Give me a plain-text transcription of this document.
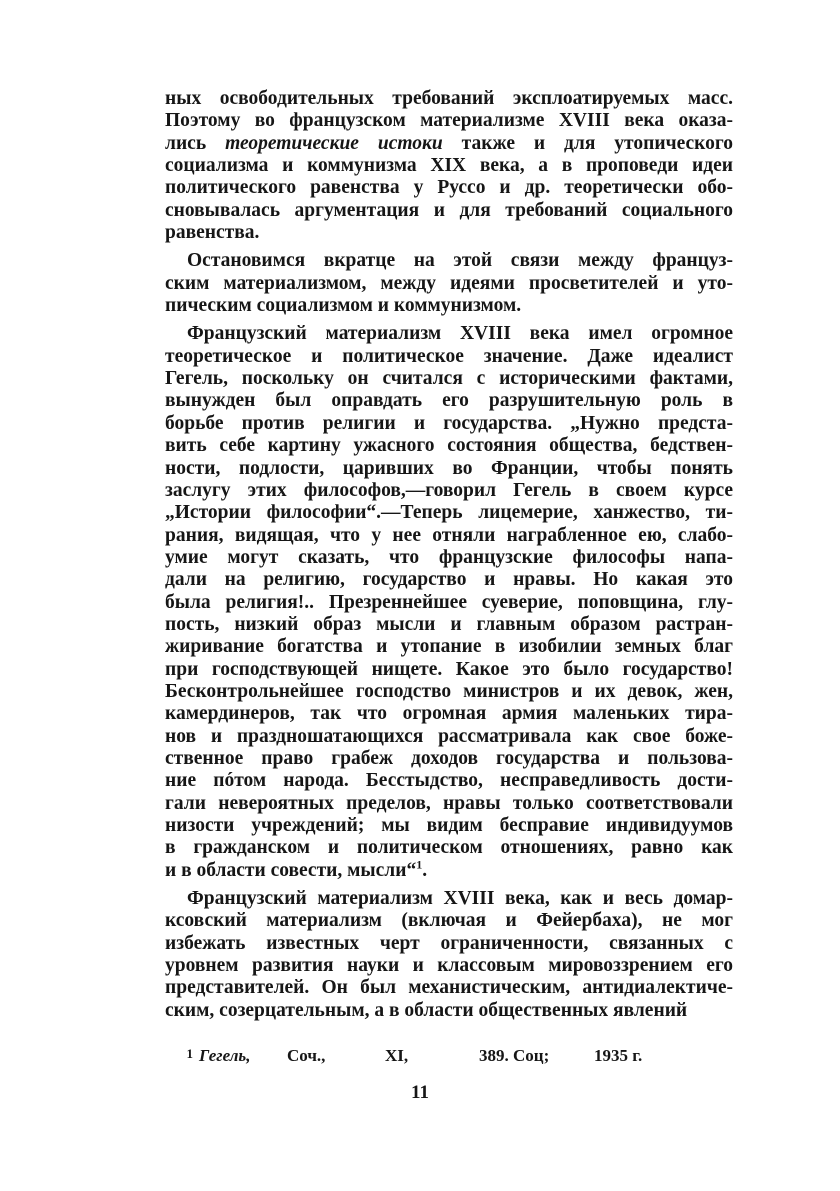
ных освободительных требований эксплоатируемых масс.
Поэтому во французском материализме XVIII века оказа-
лись теоретические истоки также и для утопического
социализма и коммунизма XIX века, а в проповеди идеи
политического равенства у Руссо и др. теоретически обо-
сновывалась аргументация и для требований социального
равенства.
Остановимся вкратце на этой связи между француз-
ским материализмом, между идеями просветителей и уто-
пическим социализмом и коммунизмом.
Французский материализм XVIII века имел огромное
теоретическое и политическое значение. Даже идеалист
Гегель, поскольку он считался с историческими фактами,
вынужден был оправдать его разрушительную роль в
борьбе против религии и государства. „Нужно предста-
вить себе картину ужасного состояния общества, бедствен-
ности, подлости, царивших во Франции, чтобы понять
заслугу этих философов,—говорил Гегель в своем курсе
„Истории философии“.—Теперь лицемерие, ханжество, ти-
рания, видящая, что у нее отняли награбленное ею, слабо-
умие могут сказать, что французские философы напа-
дали на религию, государство и нравы. Но какая это
была религия!.. Презреннейшее суеверие, поповщина, глу-
пость, низкий образ мысли и главным образом растран-
жиривание богатства и утопание в изобилии земных благ
при господствующей нищете. Какое это было государство!
Бесконтрольнейшее господство министров и их девок, жен,
камердинеров, так что огромная армия маленьких тира-
нов и праздношатающихся рассматривала как свое боже-
ственное право грабеж доходов государства и пользова-
ние пóтом народа. Бесстыдство, несправедливость дости-
гали невероятных пределов, нравы только соответствовали
низости учреждений; мы видим бесправие индивидуумов
в гражданском и политическом отношениях, равно как
и в области совести, мысли“$^1$.
Французский материализм XVIII века, как и весь домар-
ксовский материализм (включая и Фейербаха), не мог
избежать известных черт ограниченности, связанных с
уровнем развития науки и классовым мировоззрением его
представителей. Он был механистическим, антидиалектиче-
ским, созерцательным, а в области общественных явлений
1 Гегель,	Соч.,	XI,	389. Соц;	1935 г.
11
